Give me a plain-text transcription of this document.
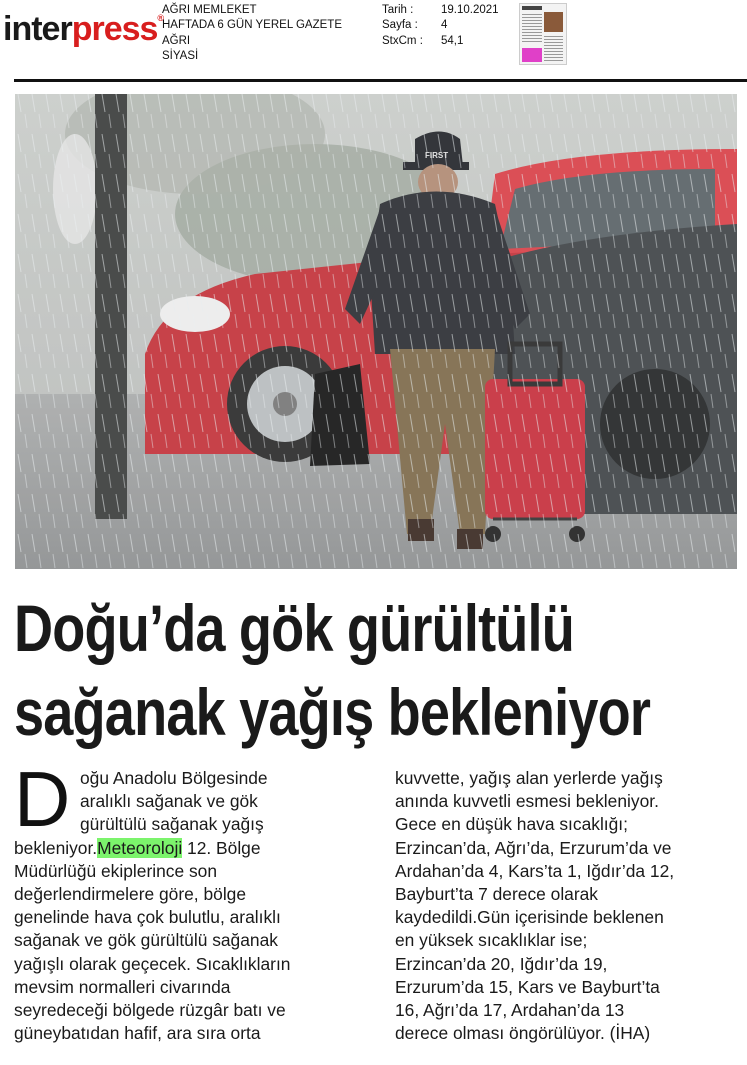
interpress®
AĞRI MEMLEKET
HAFTADA 6 GÜN YEREL GAZETE
AĞRI
SİYASİ
Tarih :
Sayfa :
StxCm :
19.10.2021
4
54,1
FIRST
Doğu’da gök gürültülü
sağanak yağış bekleniyor
D oğu Anadolu Bölgesinde
aralıklı sağanak ve gök
gürültülü sağanak yağış
bekleniyor.Meteoroloji 12. Bölge
Müdürlüğü ekiplerince son
değerlendirmelere göre, bölge
genelinde hava çok bulutlu, aralıklı
sağanak ve gök gürültülü sağanak
yağışlı olarak geçecek. Sıcaklıkların
mevsim normalleri civarında
seyredeceği bölgede rüzgâr batı ve
güneybatıdan hafif, ara sıra orta
kuvvette, yağış alan yerlerde yağış
anında kuvvetli esmesi bekleniyor.
Gece en düşük hava sıcaklığı;
Erzincan’da, Ağrı’da, Erzurum’da ve
Ardahan’da 4, Kars’ta 1, Iğdır’da 12,
Bayburt’ta 7 derece olarak
kaydedildi.Gün içerisinde beklenen
en yüksek sıcaklıklar ise;
Erzincan’da 20, Iğdır’da 19,
Erzurum’da 15, Kars ve Bayburt’ta
16, Ağrı’da 17, Ardahan’da 13
derece olması öngörülüyor. (İHA)
